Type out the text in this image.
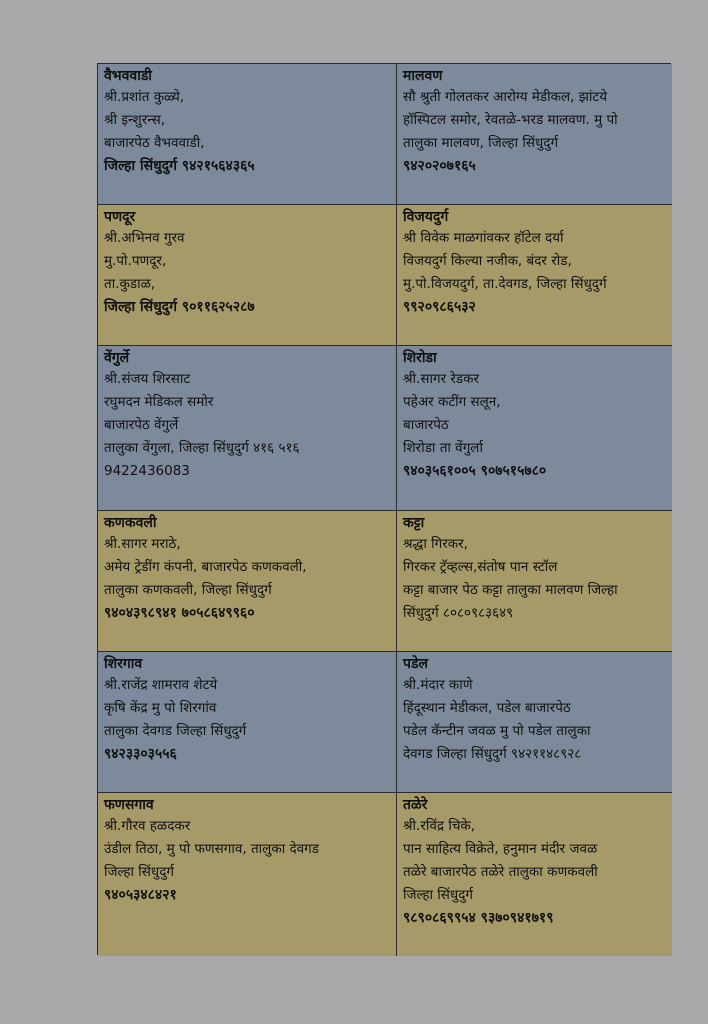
वैभववाडी
श्री.प्रशांत कुळ्ये,
श्री इन्शुरन्स,
बाजारपेठ वैभववाडी,
जिल्हा सिंधुदुर्ग ९४२१५६४३६५
मालवण
सौ श्रुती गोलतकर आरोग्य मेडीकल, झांटये
हॉस्पिटल समोर, रेवतळे-भरड मालवण. मु पो
तालुका मालवण, जिल्हा सिंधुदुर्ग
९४२०२०७१६५
पणदूर
श्री.अभिनव गुरव
मु.पो.पणदूर,
ता.कुडाळ,
जिल्हा सिंधुदुर्ग ९०११६२५२८७
विजयदुर्ग
श्री विवेक माळगांवकर हॉटेल दर्या
विजयदुर्ग किल्या नजीक, बंदर रोड,
मु.पो.विजयदुर्ग, ता.देवगड, जिल्हा सिंधुदुर्ग
९९२०९८६५३२
वेंगुर्ले
श्री.संजय शिरसाट
रघुमदन मेडिकल समोर
बाजारपेठ वेंगुर्ले
तालुका वेंगुला, जिल्हा सिंधुदुर्ग ४१६ ५१६
9422436083
शिरोडा
श्री.सागर रेडकर
पहेअर कटींग सलून,
बाजारपेठ
शिरोडा ता वेंगुर्ला
९४०३५६१००५ ९०७५१५७८०
कणकवली
श्री.सागर मराठे,
अमेय ट्रेडींग कंपनी, बाजारपेठ कणकवली,
तालुका कणकवली, जिल्हा सिंधुदुर्ग
९४०४३९८९४१ ७०५८६४९९६०
कट्टा
श्रद्धा गिरकर,
गिरकर ट्रॅव्हल्स,संतोष पान स्टॉल
कट्टा बाजार पेठ कट्टा तालुका मालवण जिल्हा
सिंधुदुर्ग ८०८०९८३६४९
शिरगाव
श्री.राजेंद्र शामराव शेटये
कृषि केंद्र मु पो शिरगांव
तालुका देवगड जिल्हा सिंधुदुर्ग
९४२३३०३५५६
पडेल
श्री.मंदार काणे
हिंदूस्थान मेडीकल, पडेल बाजारपेठ
पडेल कॅन्टीन जवळ मु पो पडेल तालुका
देवगड जिल्हा सिंधुदुर्ग ९४२११४८९२८
फणसगाव
श्री.गौरव हळदकर
उंडील तिठा, मु पो फणसगाव, तालुका देवगड
जिल्हा सिंधुदुर्ग
९४०५३४८४२१
तळेरे
श्री.रविंद्र चिके,
पान साहित्य विक्रेते, हनुमान मंदीर जवळ
तळेरे बाजारपेठ तळेरे तालुका कणकवली
जिल्हा सिंधुदुर्ग
९८९०८६९९५४ ९३७०९४१७१९
